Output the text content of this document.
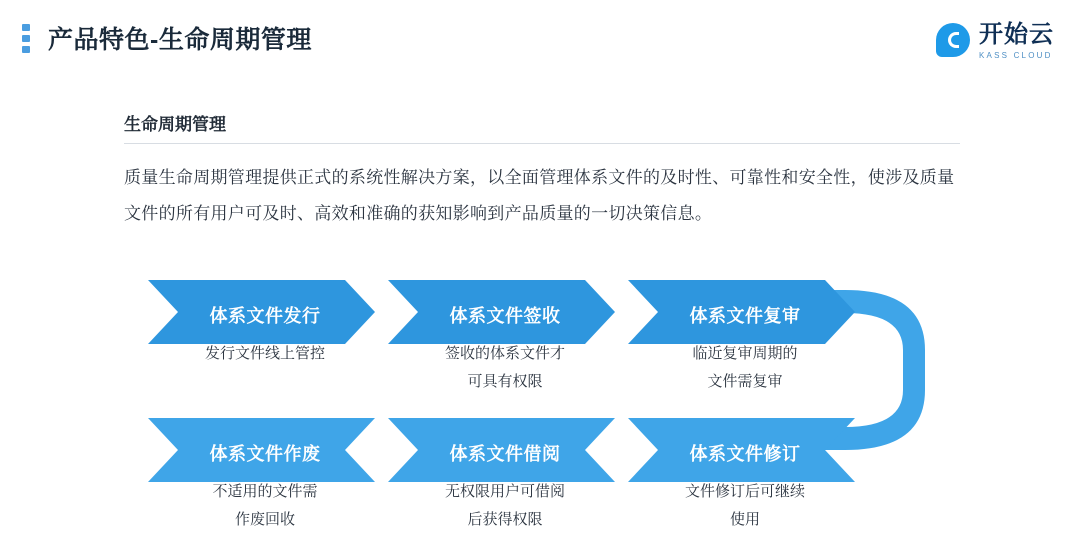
产品特色-生命周期管理	开始云
KASS CLOUD
生命周期管理
质量生命周期管理提供正式的系统性解决方案，以全面管理体系文件的及时性、可靠性和安全性，使涉及质量文件的所有用户可及时、高效和准确的获知影响到产品质量的一切决策信息。
体系文件发行	体系文件签收	体系文件复审
发行文件线上管控	签收的体系文件才
可具有权限
临近复审周期的
文件需复审
体系文件修订
体系文件借阅
体系文件作废
文件修订后可继续
使用
无权限用户可借阅
后获得权限
不适用的文件需
作废回收
